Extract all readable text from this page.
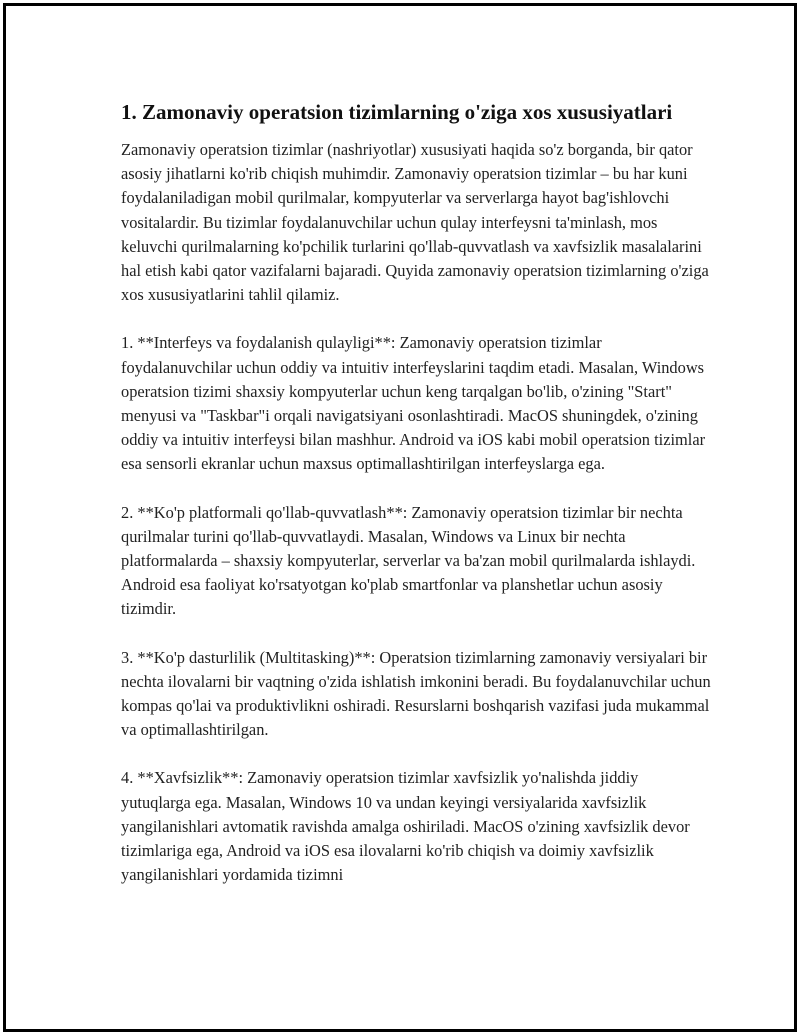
1. Zamonaviy operatsion tizimlarning o'ziga xos xususiyatlari

Zamonaviy operatsion tizimlar (nashriyotlar) xususiyati haqida so'z borganda, bir qator asosiy jihatlarni ko'rib chiqish muhimdir. Zamonaviy operatsion tizimlar – bu har kuni foydalaniladigan mobil qurilmalar, kompyuterlar va serverlarga hayot bag'ishlovchi vositalardir. Bu tizimlar foydalanuvchilar uchun qulay interfeysni ta'minlash, mos keluvchi qurilmalarning ko'pchilik turlarini qo'llab-quvvatlash va xavfsizlik masalalarini hal etish kabi qator vazifalarni bajaradi. Quyida zamonaviy operatsion tizimlarning o'ziga xos xususiyatlarini tahlil qilamiz.

1. **Interfeys va foydalanish qulayligi**: Zamonaviy operatsion tizimlar foydalanuvchilar uchun oddiy va intuitiv interfeyslarini taqdim etadi. Masalan, Windows operatsion tizimi shaxsiy kompyuterlar uchun keng tarqalgan bo'lib, o'zining "Start" menyusi va "Taskbar"i orqali navigatsiyani osonlashtiradi. MacOS shuningdek, o'zining oddiy va intuitiv interfeysi bilan mashhur. Android va iOS kabi mobil operatsion tizimlar esa sensorli ekranlar uchun maxsus optimallashtirilgan interfeyslarga ega.

2. **Ko'p platformali qo'llab-quvvatlash**: Zamonaviy operatsion tizimlar bir nechta qurilmalar turini qo'llab-quvvatlaydi. Masalan, Windows va Linux bir nechta platformalarda – shaxsiy kompyuterlar, serverlar va ba'zan mobil qurilmalarda ishlaydi. Android esa faoliyat ko'rsatyotgan ko'plab smartfonlar va planshetlar uchun asosiy tizimdir.

3. **Ko'p dasturlilik (Multitasking)**: Operatsion tizimlarning zamonaviy versiyalari bir nechta ilovalarni bir vaqtning o'zida ishlatish imkonini beradi. Bu foydalanuvchilar uchun kompas qo'lai va produktivlikni oshiradi. Resurslarni boshqarish vazifasi juda mukammal va optimallashtirilgan.

4. **Xavfsizlik**: Zamonaviy operatsion tizimlar xavfsizlik yo'nalishda jiddiy yutuqlarga ega. Masalan, Windows 10 va undan keyingi versiyalarida xavfsizlik yangilanishlari avtomatik ravishda amalga oshiriladi. MacOS o'zining xavfsizlik devor tizimlariga ega, Android va iOS esa ilovalarni ko'rib chiqish va doimiy xavfsizlik yangilanishlari yordamida tizimni
